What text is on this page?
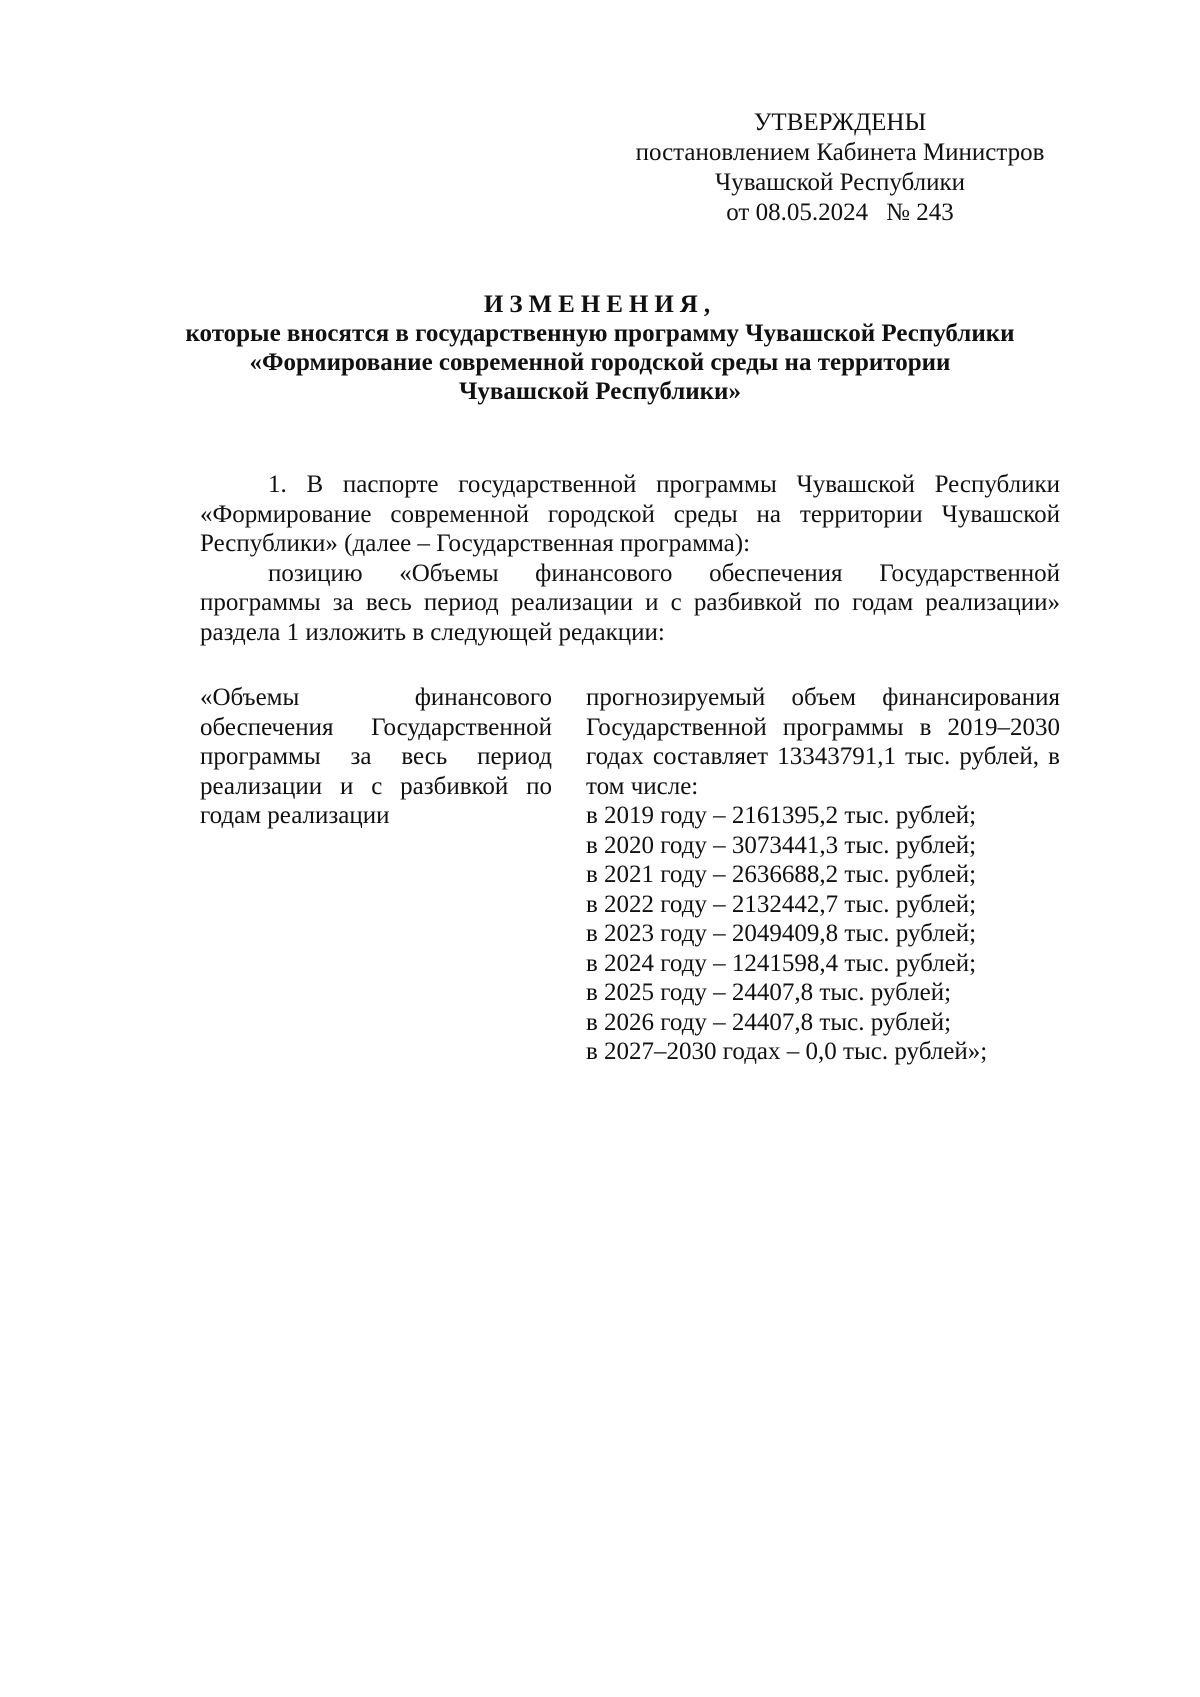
УТВЕРЖДЕНЫ
постановлением Кабинета Министров
Чувашской Республики
от 08.05.2024 № 243
ИЗМЕНЕНИЯ,
которые вносятся в государственную программу Чувашской Республики
«Формирование современной городской среды на территории
Чувашской Республики»

1. В паспорте государственной программы Чувашской Республики «Формирование современной городской среды на территории Чувашской Республики» (далее – Государственная программа):

позицию «Объемы финансового обеспечения Государственной программы за весь период реализации и с разбивкой по годам реализации» раздела 1 изложить в следующей редакции:

«Объемы финансового обеспечения Государственной программы за весь период реализации и с разбивкой по годам реализации
прогнозируемый объем финансирования Государственной программы в 2019–2030 годах составляет 13343791,1 тыс. рублей, в том числе:
в 2019 году – 2161395,2 тыс. рублей;
в 2020 году – 3073441,3 тыс. рублей;
в 2021 году – 2636688,2 тыс. рублей;
в 2022 году – 2132442,7 тыс. рублей;
в 2023 году – 2049409,8 тыс. рублей;
в 2024 году – 1241598,4 тыс. рублей;
в 2025 году – 24407,8 тыс. рублей;
в 2026 году – 24407,8 тыс. рублей;
в 2027–2030 годах – 0,0 тыс. рублей»;
